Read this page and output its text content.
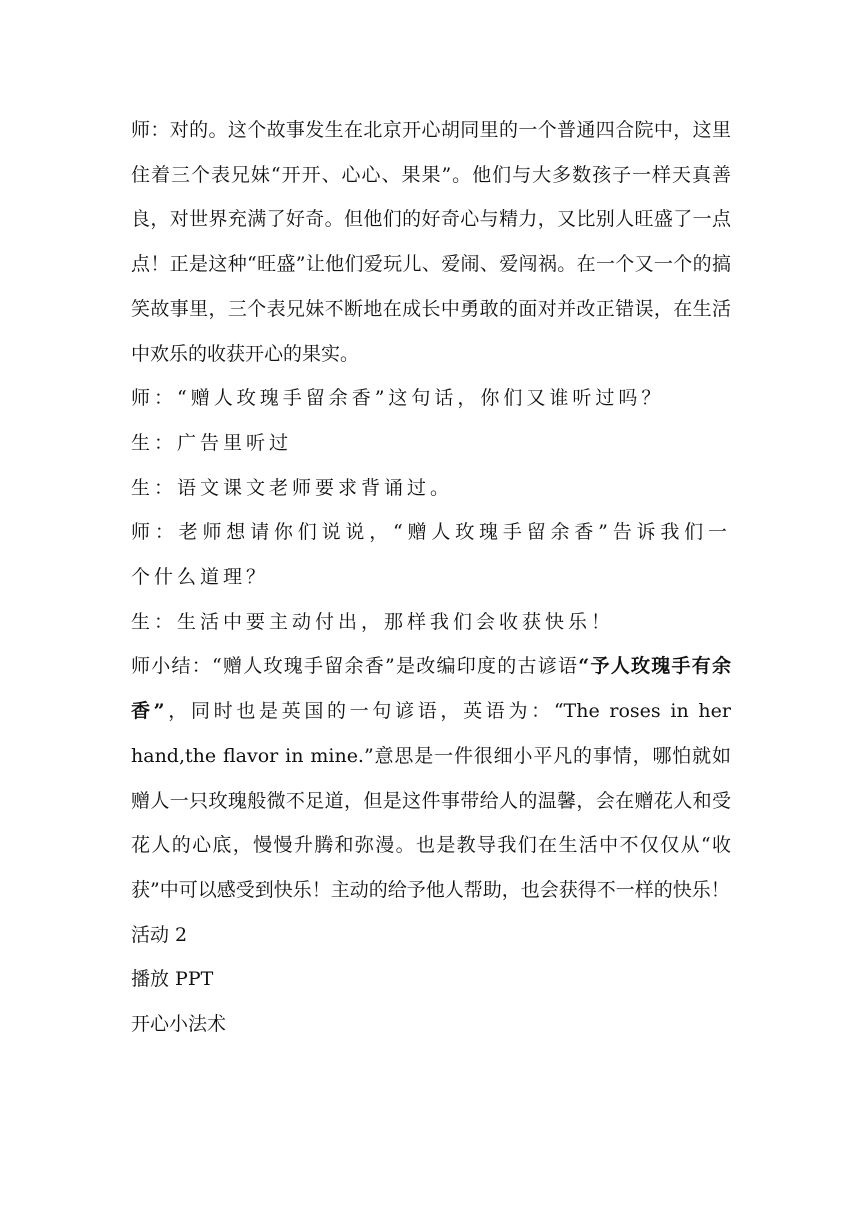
师：对的。这个故事发生在北京开心胡同里的一个普通四合院中，这里住着三个表兄妹“开开、心心、果果”。他们与大多数孩子一样天真善良，对世界充满了好奇。但他们的好奇心与精力，又比别人旺盛了一点点！正是这种“旺盛”让他们爱玩儿、爱闹、爱闯祸。在一个又一个的搞笑故事里，三个表兄妹不断地在成长中勇敢的面对并改正错误，在生活中欢乐的收获开心的果实。

师：“赠人玫瑰手留余香”这句话，你们又谁听过吗？

生：广告里听过

生：语文课文老师要求背诵过。

师：老师想请你们说说，“赠人玫瑰手留余香”告诉我们一个什么道理？

生：生活中要主动付出，那样我们会收获快乐！

师小结：“赠人玫瑰手留余香”是改编印度的古谚语“予人玫瑰手有余香”，同时也是英国的一句谚语，英语为：“The roses in her hand,the flavor in mine.”意思是一件很细小平凡的事情，哪怕就如赠人一只玫瑰般微不足道，但是这件事带给人的温馨，会在赠花人和受花人的心底，慢慢升腾和弥漫。也是教导我们在生活中不仅仅从“收获”中可以感受到快乐！主动的给予他人帮助，也会获得不一样的快乐！

活动 2

播放 PPT

开心小法术
